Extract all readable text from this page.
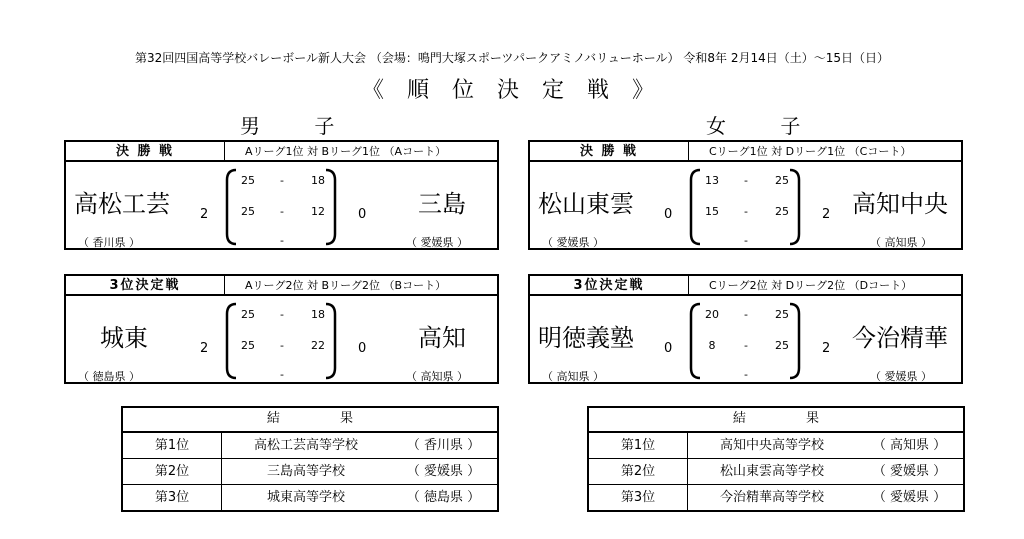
第32回四国高等学校バレーボール新人大会 （会場：鳴門大塚スポーツパークアミノバリューホール） 令和8年 2月14日（土）～15日（日）
《 順 位 決 定 戦 》
男 子	女 子
決 勝 戦	Aリーグ1位 対 Bリーグ1位 （Aコート）
高松工芸
（ 香川県 ）
2
25	-	18
25	-	12
-
0 三島
（ 愛媛県 ）
決 勝 戦	Cリーグ1位 対 Dリーグ1位 （Cコート）
松山東雲
（ 愛媛県 ）
0
13	-	25
15	-	25
-
2 高知中央
（ 高知県 ）
3位決定戦	Aリーグ2位 対 Bリーグ2位 （Bコート）
城東
（ 徳島県 ）
2
25	-	18
25	-	22
-
0 高知
（ 高知県 ）
3位決定戦	Cリーグ2位 対 Dリーグ2位 （Dコート）
明徳義塾
（ 高知県 ）
0
20	-	25
8	-	25
-
2 今治精華
（ 愛媛県 ）
結 果
第1位	高松工芸高等学校	（ 香川県 ）
第2位	三島高等学校	（ 愛媛県 ）
第3位	城東高等学校	（ 徳島県 ）
結 果
第1位	高知中央高等学校	（ 高知県 ）
第2位	松山東雲高等学校	（ 愛媛県 ）
第3位	今治精華高等学校	（ 愛媛県 ）
